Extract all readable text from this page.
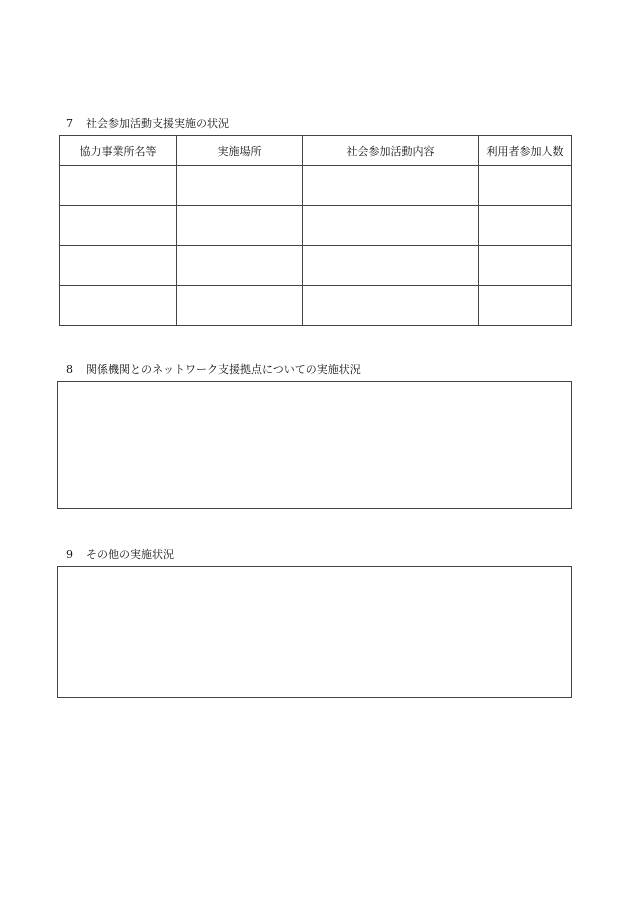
7 社会参加活動支援実施の状況
協力事業所名等	実施場所	社会参加活動内容	利用者参加人数

8 関係機関とのネットワーク支援拠点についての実施状況
9 その他の実施状況
